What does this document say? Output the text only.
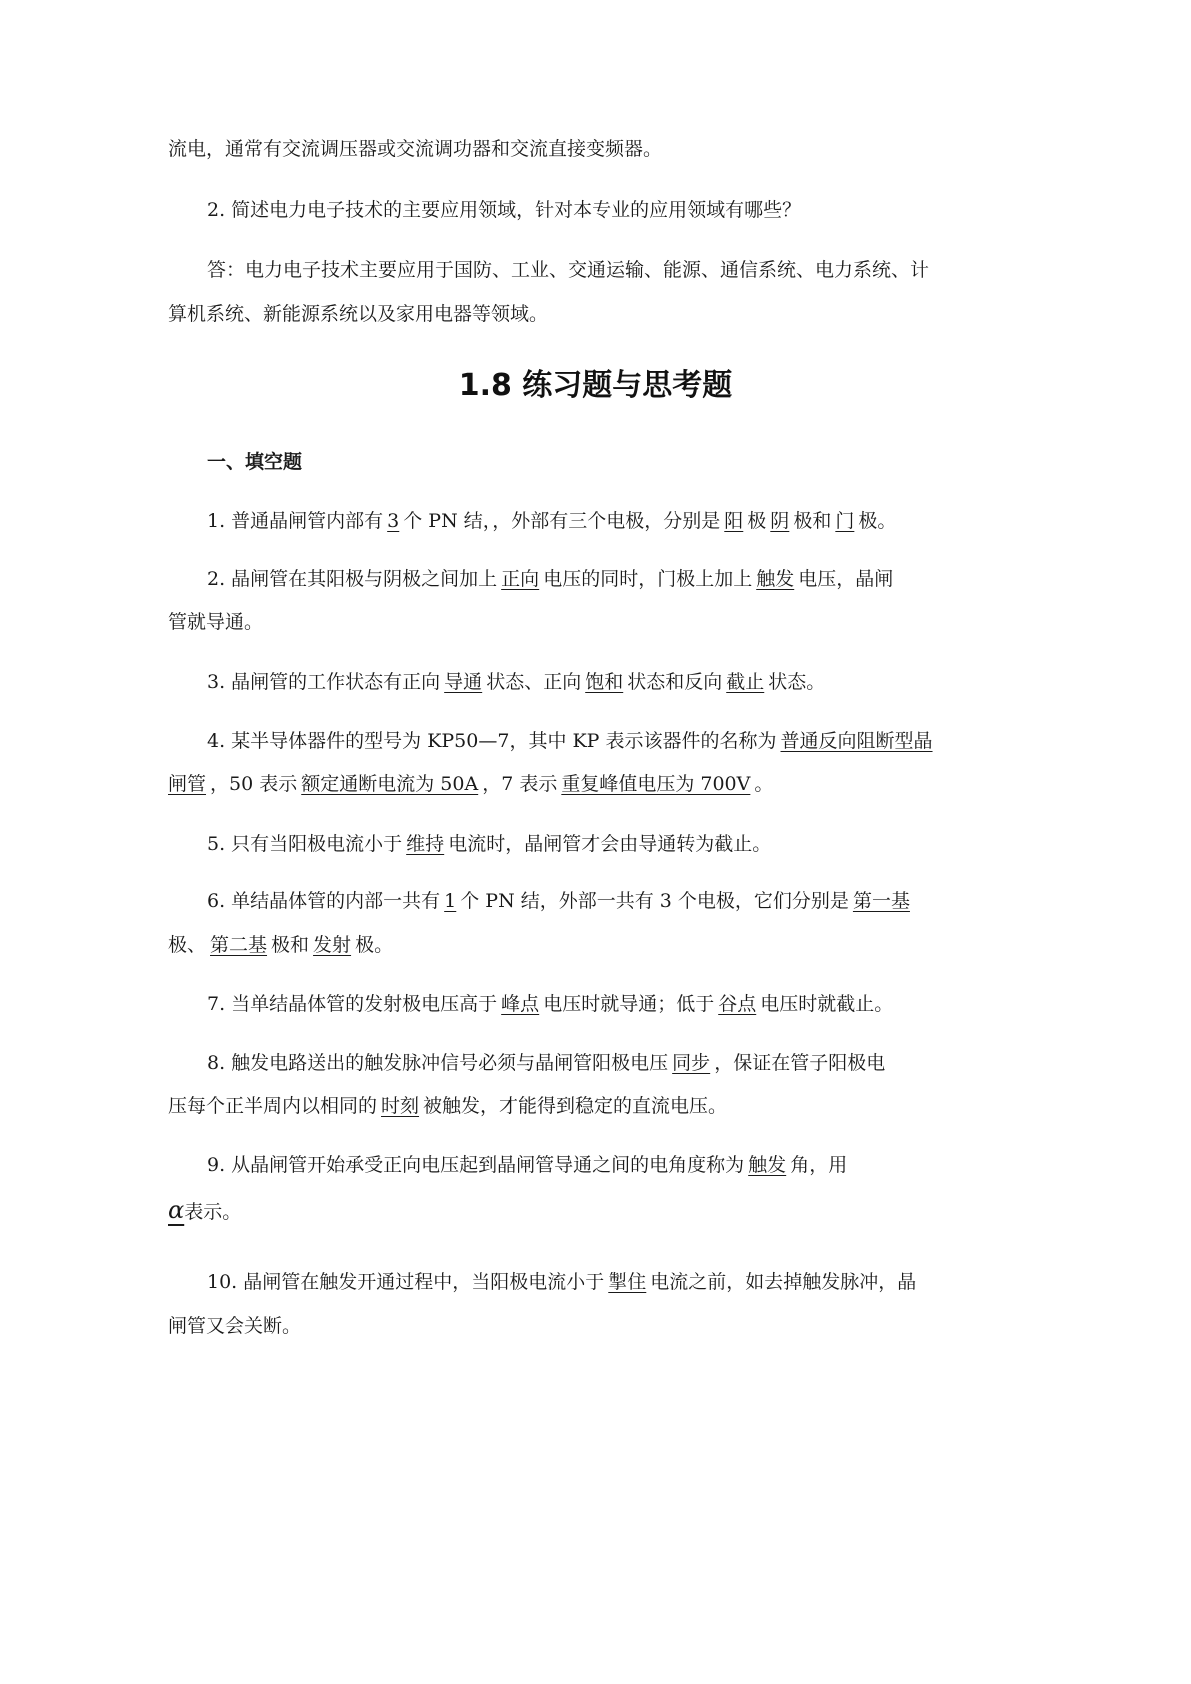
流电，通常有交流调压器或交流调功器和交流直接变频器。
2. 简述电力电子技术的主要应用领域，针对本专业的应用领域有哪些？
答：电力电子技术主要应用于国防、工业、交通运输、能源、通信系统、电力系统、计
算机系统、新能源系统以及家用电器等领域。
1.8 练习题与思考题
一、填空题
1. 普通晶闸管内部有 3 个 PN 结，，外部有三个电极，分别是 阳 极 阴 极和 门 极。
2. 晶闸管在其阳极与阴极之间加上 正向 电压的同时，门极上加上 触发 电压，晶闸
管就导通。
3. 晶闸管的工作状态有正向 导通 状态、正向 饱和 状态和反向 截止 状态。
4. 某半导体器件的型号为 KP50—7，其中 KP 表示该器件的名称为 普通反向阻断型晶
闸管 ，50 表示 额定通断电流为 50A ，7 表示 重复峰值电压为 700V 。
5. 只有当阳极电流小于 维持 电流时，晶闸管才会由导通转为截止。
6. 单结晶体管的内部一共有 1 个 PN 结，外部一共有 3 个电极，它们分别是 第一基
极、 第二基 极和 发射 极。
7. 当单结晶体管的发射极电压高于 峰点 电压时就导通；低于 谷点 电压时就截止。
8. 触发电路送出的触发脉冲信号必须与晶闸管阳极电压 同步 ，保证在管子阳极电
压每个正半周内以相同的 时刻 被触发，才能得到稳定的直流电压。
9. 从晶闸管开始承受正向电压起到晶闸管导通之间的电角度称为 触发 角，用
α表示。
10. 晶闸管在触发开通过程中，当阳极电流小于 掣住 电流之前，如去掉触发脉冲，晶
闸管又会关断。
